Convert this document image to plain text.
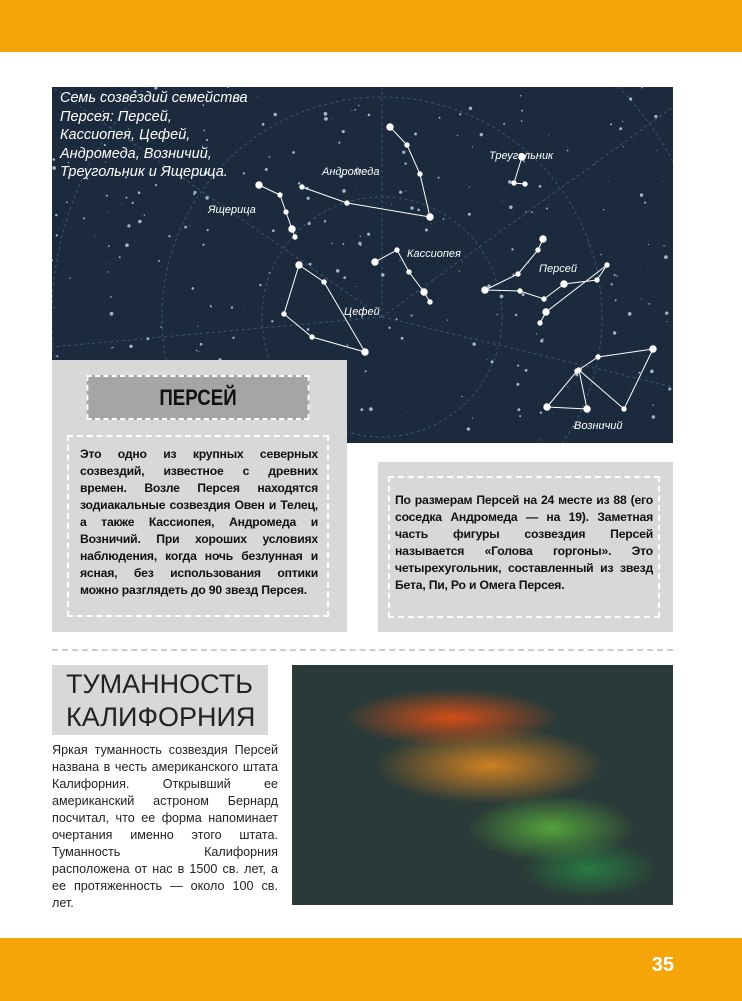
Андромеда
Треугольник
Ящерица
Кассиопея
Персей
Цефей
Возничий
Семь созвездий семейства Персея: Персей, Кассиопея, Цефей, Андромеда, Возничий, Треугольник и Ящерица.
ПЕРСЕЙ
Это одно из крупных северных созвездий, известное с древних времен. Возле Персея находятся зодиакальные созвездия Овен и Телец, а также Кассиопея, Андромеда и Возничий. При хороших условиях наблюдения, когда ночь безлунная и ясная, без использования оптики можно разглядеть до 90 звезд Персея.
По размерам Персей на 24 месте из 88 (его соседка Андромеда — на 19). Заметная часть фигуры созвездия Персей называется «Голова горгоны». Это четырехугольник, составленный из звезд Бета, Пи, Ро и Омега Персея.
ТУМАННОСТЬ КАЛИФОРНИЯ
Яркая туманность созвездия Персей названа в честь американского штата Калифорния. Открывший ее американский астроном Бернард посчитал, что ее форма напоминает очертания именно этого штата. Туманность Калифорния расположена от нас в 1500 св. лет, а ее протяженность — около 100 св. лет.
35
